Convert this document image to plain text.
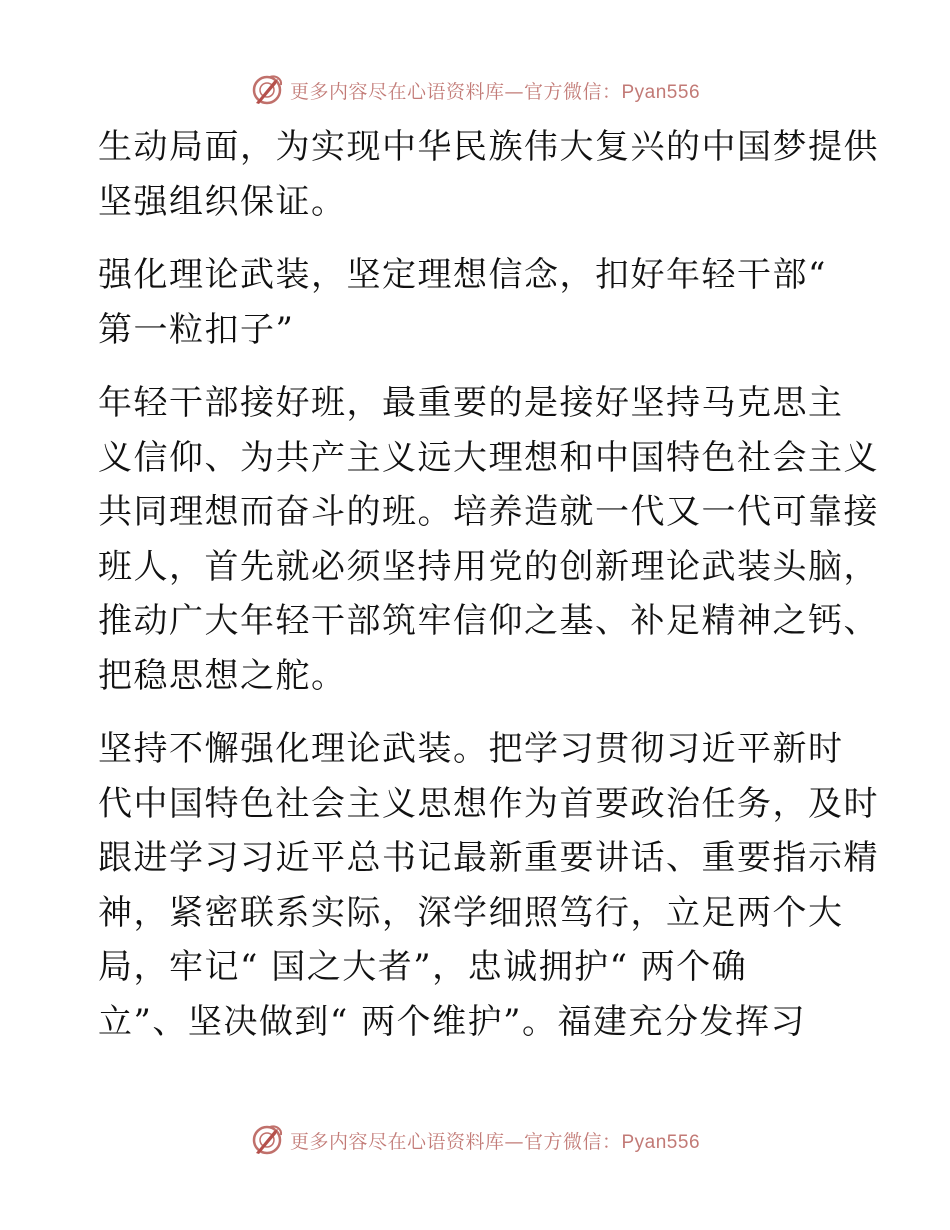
更多内容尽在心语资料库—官方微信：Pyan556
生动局面，为实现中华民族伟大复兴的中国梦提供
坚强组织保证。
强化理论武装，坚定理想信念，扣好年轻干部“
第一粒扣子”
年轻干部接好班，最重要的是接好坚持马克思主
义信仰、为共产主义远大理想和中国特色社会主义
共同理想而奋斗的班。培养造就一代又一代可靠接
班人，首先就必须坚持用党的创新理论武装头脑，
推动广大年轻干部筑牢信仰之基、补足精神之钙、
把稳思想之舵。
坚持不懈强化理论武装。把学习贯彻习近平新时
代中国特色社会主义思想作为首要政治任务，及时
跟进学习习近平总书记最新重要讲话、重要指示精
神，紧密联系实际，深学细照笃行，立足两个大
局，牢记“ 国之大者”，忠诚拥护“ 两个确
立”、坚决做到“ 两个维护”。福建充分发挥习
更多内容尽在心语资料库—官方微信：Pyan556
